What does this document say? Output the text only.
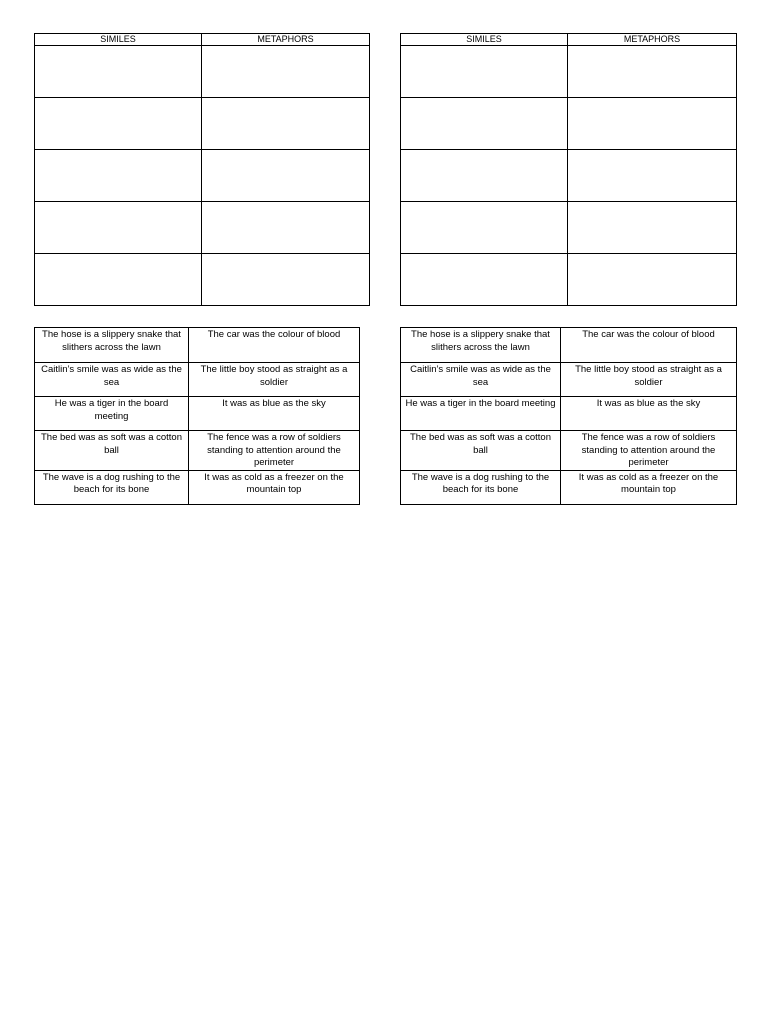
SIMILES	METAPHORS

		SIMILES	METAPHORS

The hose is a slippery snake that slithers across the lawn	The car was the colour of blood
Caitlin’s smile was as wide as the sea	The little boy stood as straight as a soldier
He was a tiger in the board meeting	It was as blue as the sky
The bed was as soft was a cotton ball	The fence was a row of soldiers standing to attention around the perimeter
The wave is a dog rushing to the beach for its bone	It was as cold as a freezer on the mountain top
The hose is a slippery snake that slithers across the lawn	The car was the colour of blood
Caitlin’s smile was as wide as the sea	The little boy stood as straight as a soldier
He was a tiger in the board meeting	It was as blue as the sky
The bed was as soft was a cotton ball	The fence was a row of soldiers standing to attention around the perimeter
The wave is a dog rushing to the beach for its bone	It was as cold as a freezer on the mountain top
